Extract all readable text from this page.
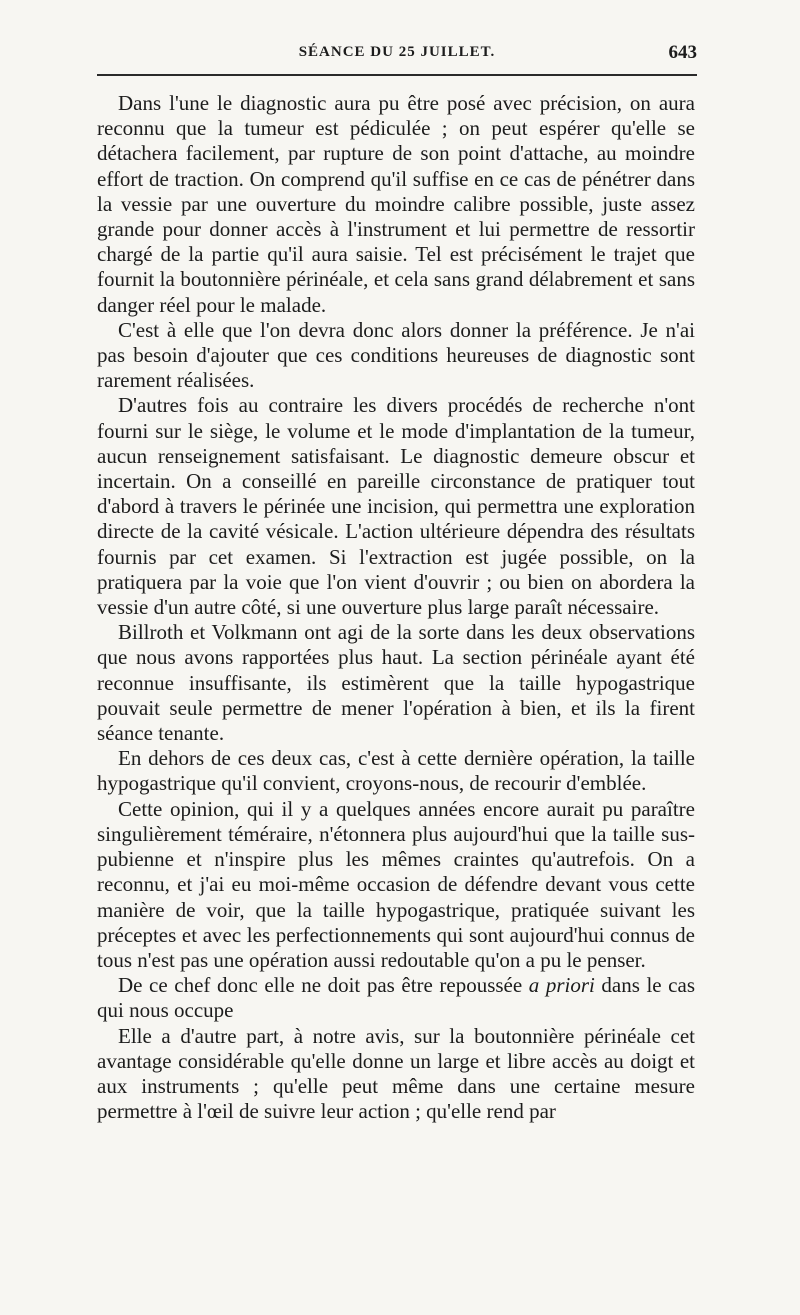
SÉANCE DU 25 JUILLET.	643

Dans l'une le diagnostic aura pu être posé avec précision, on aura reconnu que la tumeur est pédiculée ; on peut espérer qu'elle se détachera facilement, par rupture de son point d'attache, au moindre effort de traction. On comprend qu'il suffise en ce cas de pénétrer dans la vessie par une ouverture du moindre calibre possible, juste assez grande pour donner accès à l'instrument et lui permettre de ressortir chargé de la partie qu'il aura saisie. Tel est précisément le trajet que fournit la boutonnière périnéale, et cela sans grand délabrement et sans danger réel pour le malade.

C'est à elle que l'on devra donc alors donner la préférence. Je n'ai pas besoin d'ajouter que ces conditions heureuses de diagnostic sont rarement réalisées.

D'autres fois au contraire les divers procédés de recherche n'ont fourni sur le siège, le volume et le mode d'implantation de la tumeur, aucun renseignement satisfaisant. Le diagnostic demeure obscur et incertain. On a conseillé en pareille circonstance de pratiquer tout d'abord à travers le périnée une incision, qui permettra une exploration directe de la cavité vésicale. L'action ultérieure dépendra des résultats fournis par cet examen. Si l'extraction est jugée possible, on la pratiquera par la voie que l'on vient d'ouvrir ; ou bien on abordera la vessie d'un autre côté, si une ouverture plus large paraît nécessaire.

Billroth et Volkmann ont agi de la sorte dans les deux observations que nous avons rapportées plus haut. La section périnéale ayant été reconnue insuffisante, ils estimèrent que la taille hypogastrique pouvait seule permettre de mener l'opération à bien, et ils la firent séance tenante.

En dehors de ces deux cas, c'est à cette dernière opération, la taille hypogastrique qu'il convient, croyons-nous, de recourir d'emblée.

Cette opinion, qui il y a quelques années encore aurait pu paraître singulièrement téméraire, n'étonnera plus aujourd'hui que la taille sus-pubienne et n'inspire plus les mêmes craintes qu'autrefois. On a reconnu, et j'ai eu moi-même occasion de défendre devant vous cette manière de voir, que la taille hypogastrique, pratiquée suivant les préceptes et avec les perfectionnements qui sont aujourd'hui connus de tous n'est pas une opération aussi redoutable qu'on a pu le penser.

De ce chef donc elle ne doit pas être repoussée a priori dans le cas qui nous occupe

Elle a d'autre part, à notre avis, sur la boutonnière périnéale cet avantage considérable qu'elle donne un large et libre accès au doigt et aux instruments ; qu'elle peut même dans une certaine mesure permettre à l'œil de suivre leur action ; qu'elle rend par
